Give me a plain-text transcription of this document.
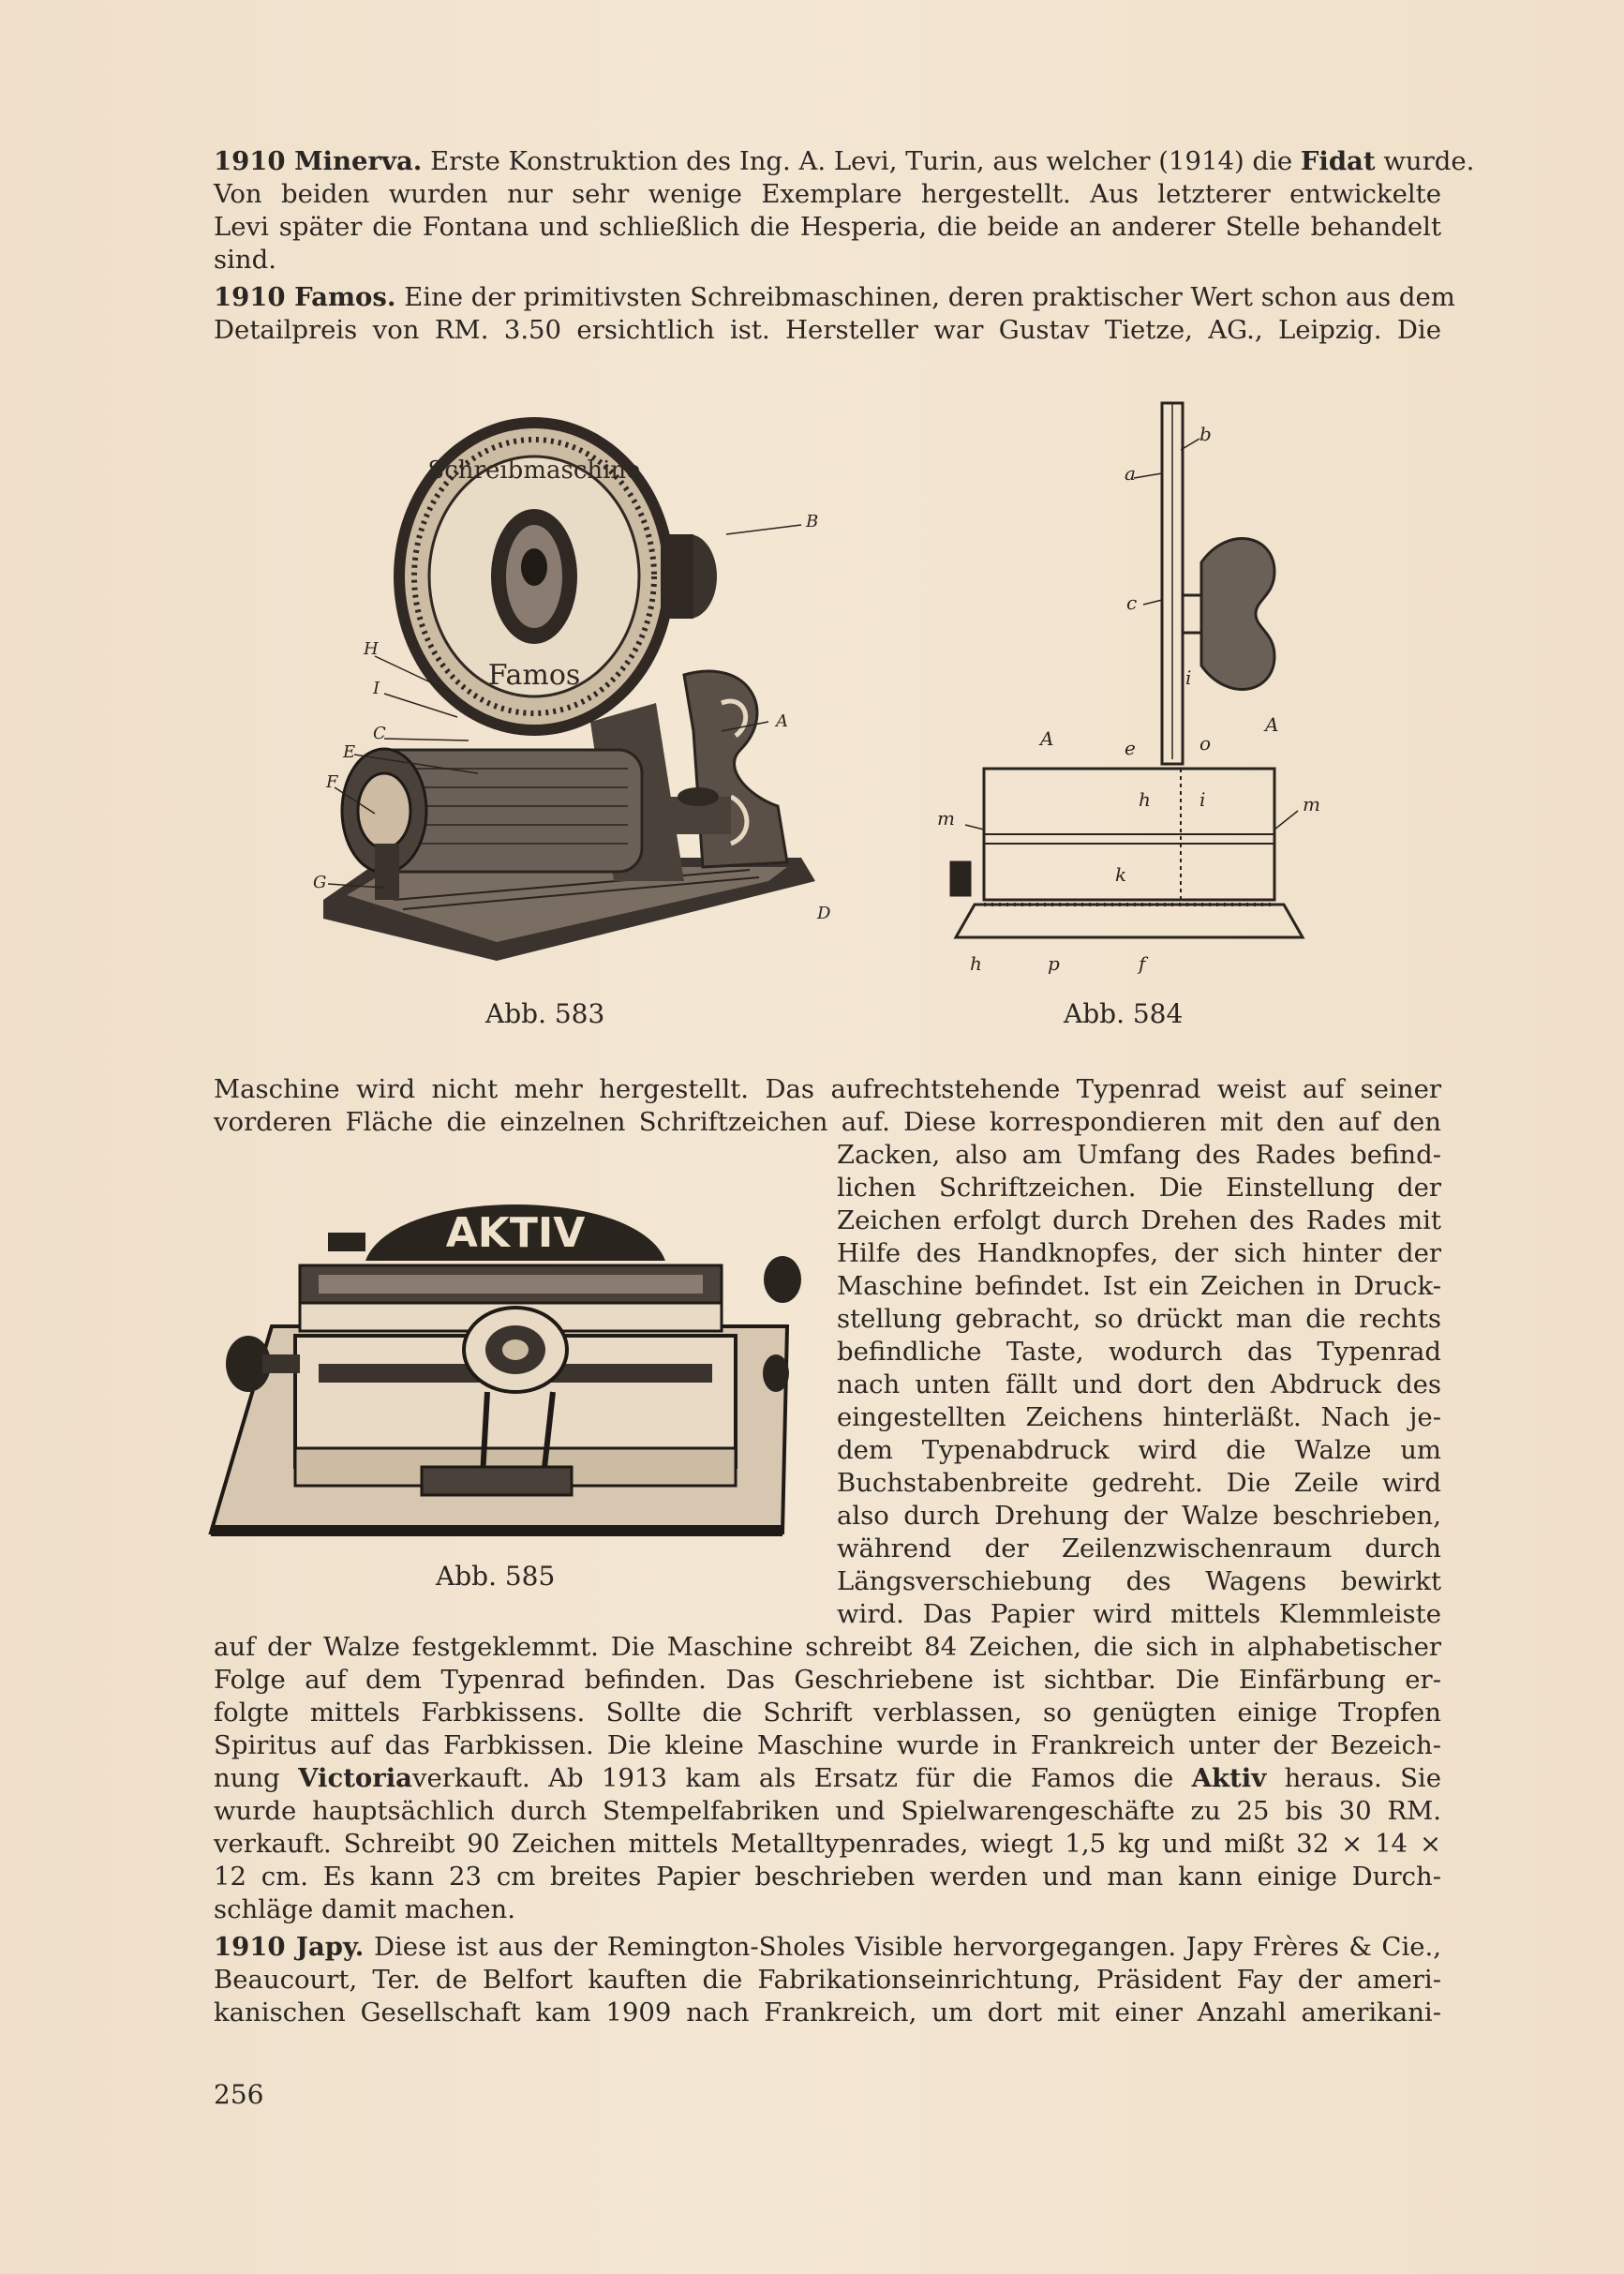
1910 Minerva. Erste Konstruktion des Ing. A. Levi, Turin, aus welcher (1914) die Fidat wurde.
Von beiden wurden nur sehr wenige Exemplare hergestellt. Aus letzterer entwickelte
Levi später die Fontana und schließlich die Hesperia, die beide an anderer Stelle behandelt
sind.
1910 Famos. Eine der primitivsten Schreibmaschinen, deren praktischer Wert schon aus dem
Detailpreis von RM. 3.50 ersichtlich ist. Hersteller war Gustav Tietze, AG., Leipzig. Die
Schreibmaschine
Famos
B
H
I
C
E
F
A
G
D
Abb. 583
a
b
c
i
e	o
A
A
h	i
m
m
k
h	p	f
Abb. 584
Maschine wird nicht mehr hergestellt. Das aufrechtstehende Typenrad weist auf seiner
vorderen Fläche die einzelnen Schriftzeichen auf. Diese korrespondieren mit den auf den
AKTIV
Abb. 585
Zacken, also am Umfang des Rades befind-
lichen Schriftzeichen. Die Einstellung der
Zeichen erfolgt durch Drehen des Rades mit
Hilfe des Handknopfes, der sich hinter der
Maschine befindet. Ist ein Zeichen in Druck-
stellung gebracht, so drückt man die rechts
befindliche Taste, wodurch das Typenrad
nach unten fällt und dort den Abdruck des
eingestellten Zeichens hinterläßt. Nach je-
dem Typenabdruck wird die Walze um
Buchstabenbreite gedreht. Die Zeile wird
also durch Drehung der Walze beschrieben,
während der Zeilenzwischenraum durch
Längsverschiebung des Wagens bewirkt
wird. Das Papier wird mittels Klemmleiste
auf der Walze festgeklemmt. Die Maschine schreibt 84 Zeichen, die sich in alphabetischer
Folge auf dem Typenrad befinden. Das Geschriebene ist sichtbar. Die Einfärbung er-
folgte mittels Farbkissens. Sollte die Schrift verblassen, so genügten einige Tropfen
Spiritus auf das Farbkissen. Die kleine Maschine wurde in Frankreich unter der Bezeich-
nung Victoriaverkauft. Ab 1913 kam als Ersatz für die Famos die Aktiv heraus. Sie
wurde hauptsächlich durch Stempelfabriken und Spielwarengeschäfte zu 25 bis 30 RM.
verkauft. Schreibt 90 Zeichen mittels Metalltypenrades, wiegt 1,5 kg und mißt 32 × 14 ×
12 cm. Es kann 23 cm breites Papier beschrieben werden und man kann einige Durch-
schläge damit machen.
1910 Japy. Diese ist aus der Remington-Sholes Visible hervorgegangen. Japy Frères & Cie.,
Beaucourt, Ter. de Belfort kauften die Fabrikationseinrichtung, Präsident Fay der ameri-
kanischen Gesellschaft kam 1909 nach Frankreich, um dort mit einer Anzahl amerikani-
256
